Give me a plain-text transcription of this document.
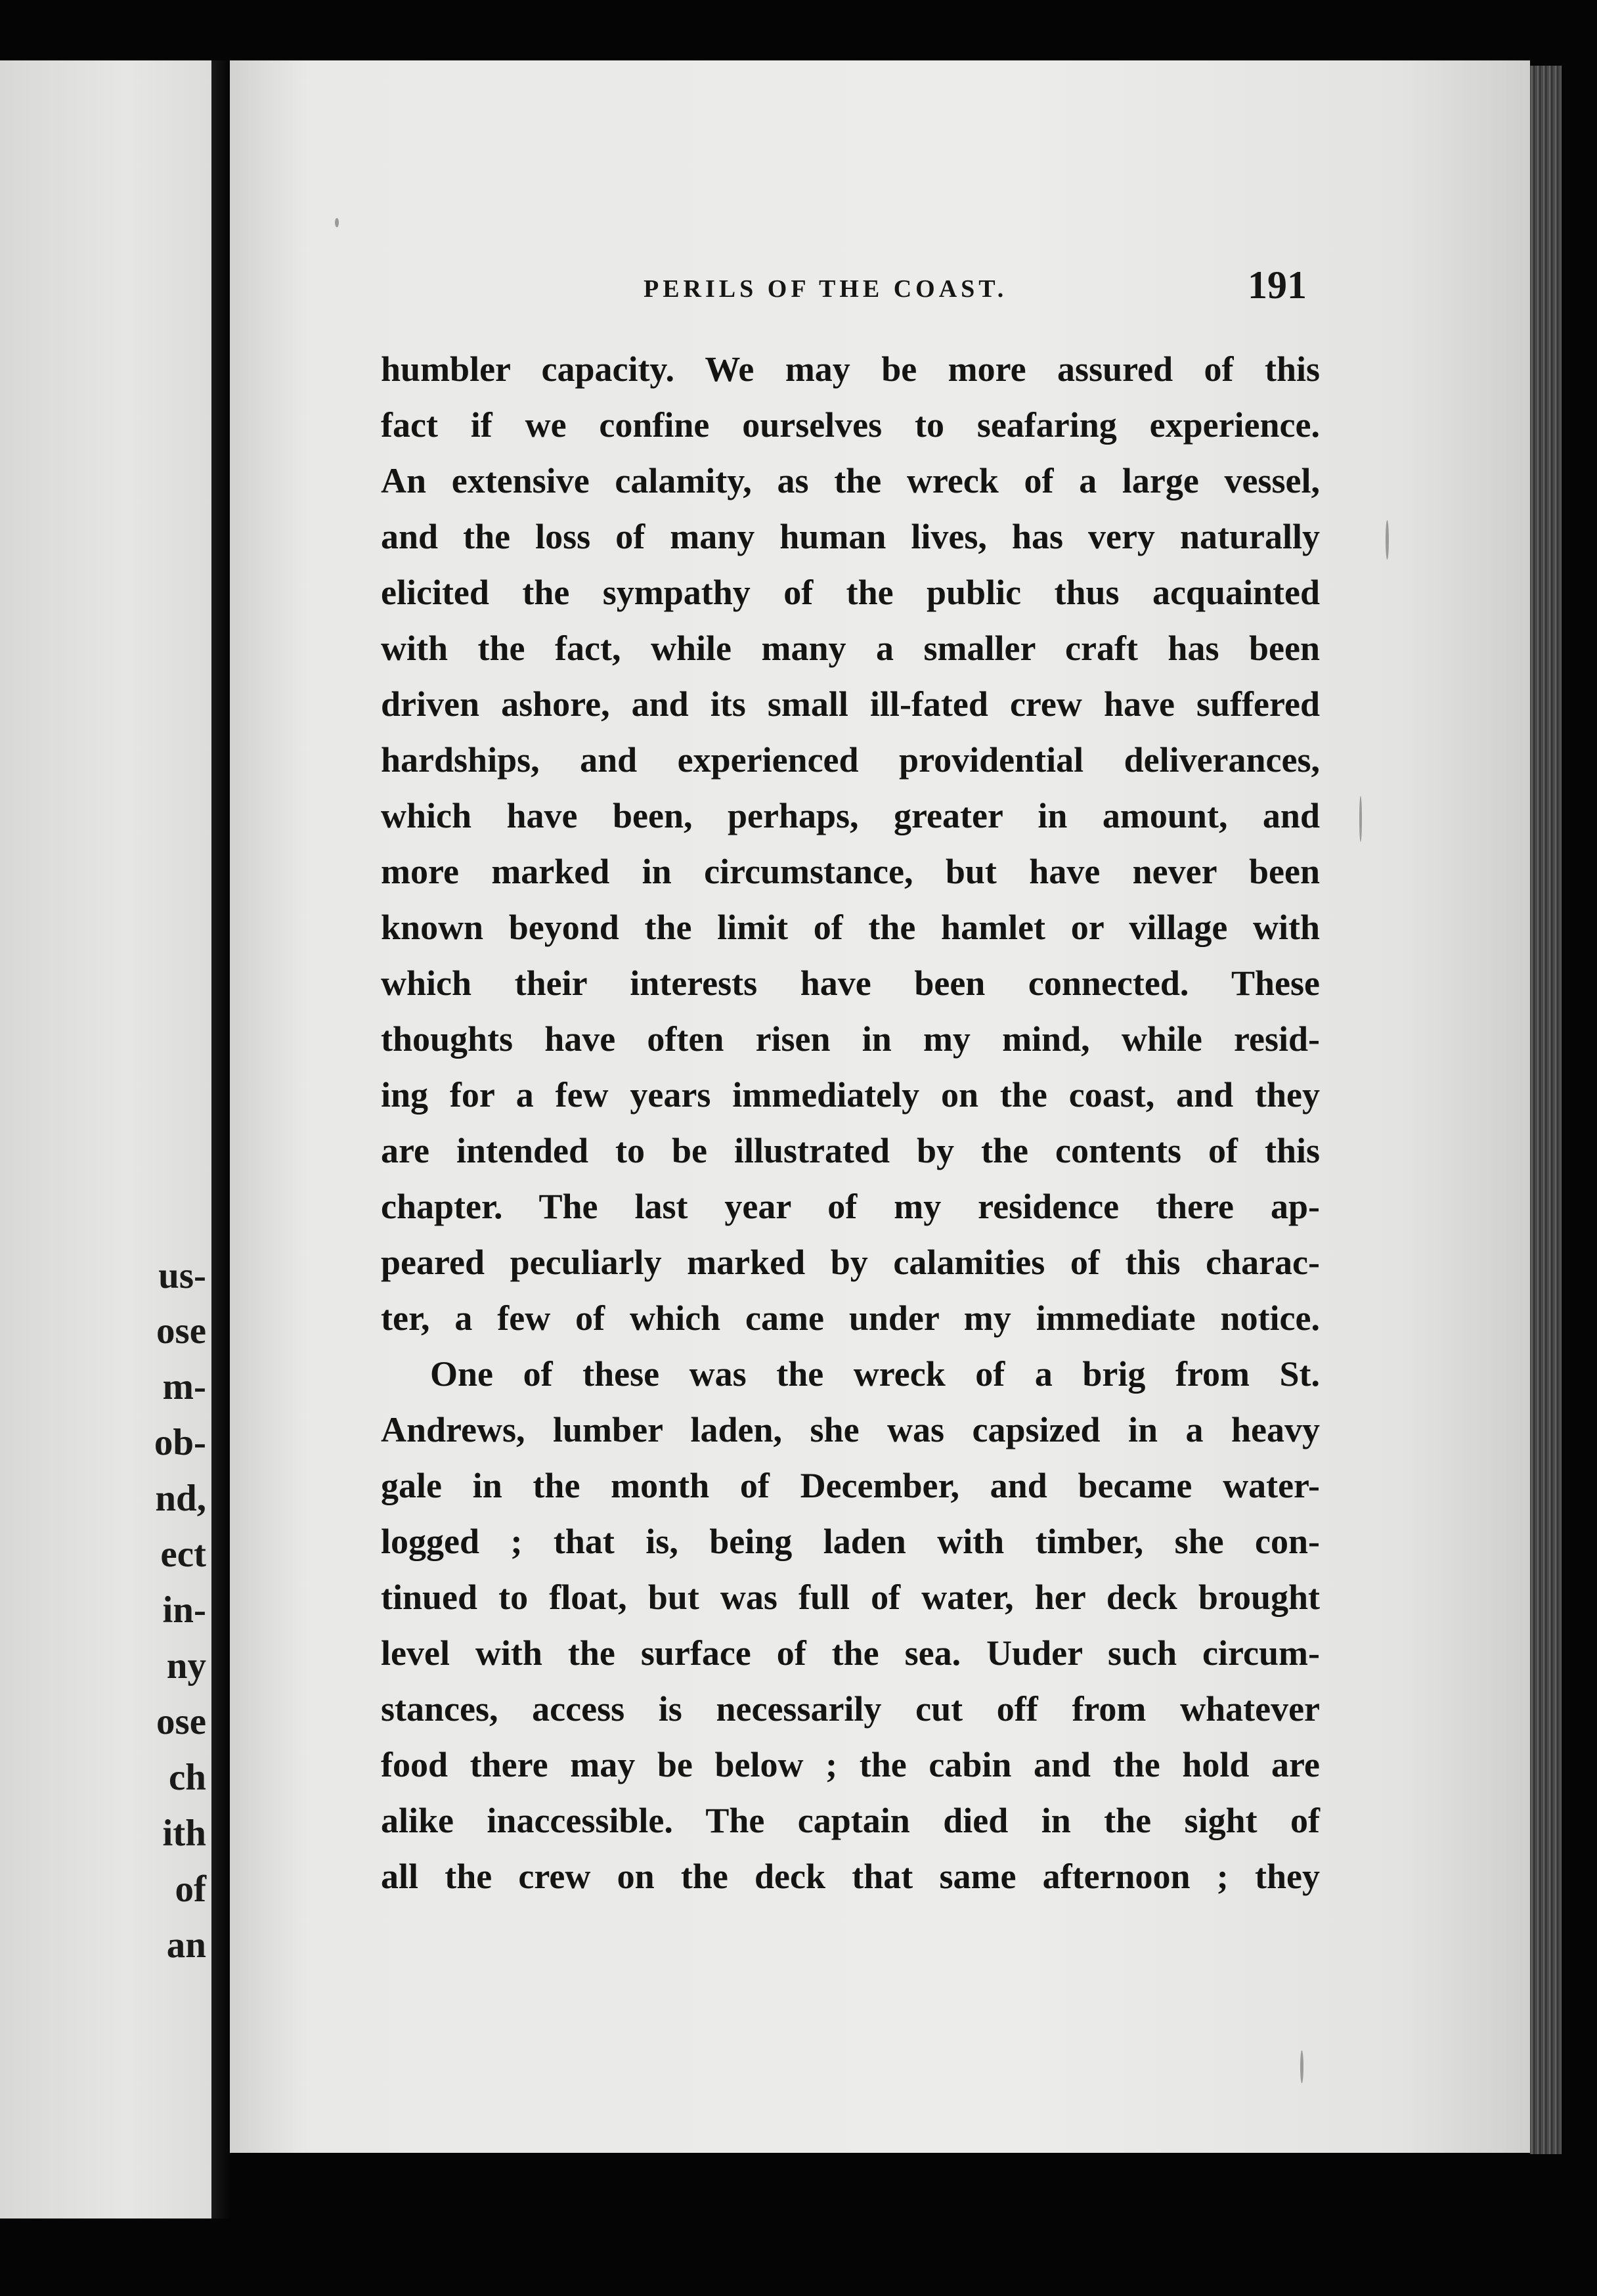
us-
ose
m-
ob-
nd,
ect
in-
ny
ose
ch
ith
of
an
PERILS OF THE COAST.	191
humbler capacity. We may be more assured of this
fact if we confine ourselves to seafaring experience.
An extensive calamity, as the wreck of a large vessel,
and the loss of many human lives, has very naturally
elicited the sympathy of the public thus acquainted
with the fact, while many a smaller craft has been
driven ashore, and its small ill-fated crew have suffered
hardships, and experienced providential deliverances,
which have been, perhaps, greater in amount, and
more marked in circumstance, but have never been
known beyond the limit of the hamlet or village with
which their interests have been connected. These
thoughts have often risen in my mind, while resid-
ing for a few years immediately on the coast, and they
are intended to be illustrated by the contents of this
chapter. The last year of my residence there ap-
peared peculiarly marked by calamities of this charac-
ter, a few of which came under my immediate notice.
One of these was the wreck of a brig from St.
Andrews, lumber laden, she was capsized in a heavy
gale in the month of December, and became water-
logged ; that is, being laden with timber, she con-
tinued to float, but was full of water, her deck brought
level with the surface of the sea. Uuder such circum-
stances, access is necessarily cut off from whatever
food there may be below ; the cabin and the hold are
alike inaccessible. The captain died in the sight of
all the crew on the deck that same afternoon ; they
